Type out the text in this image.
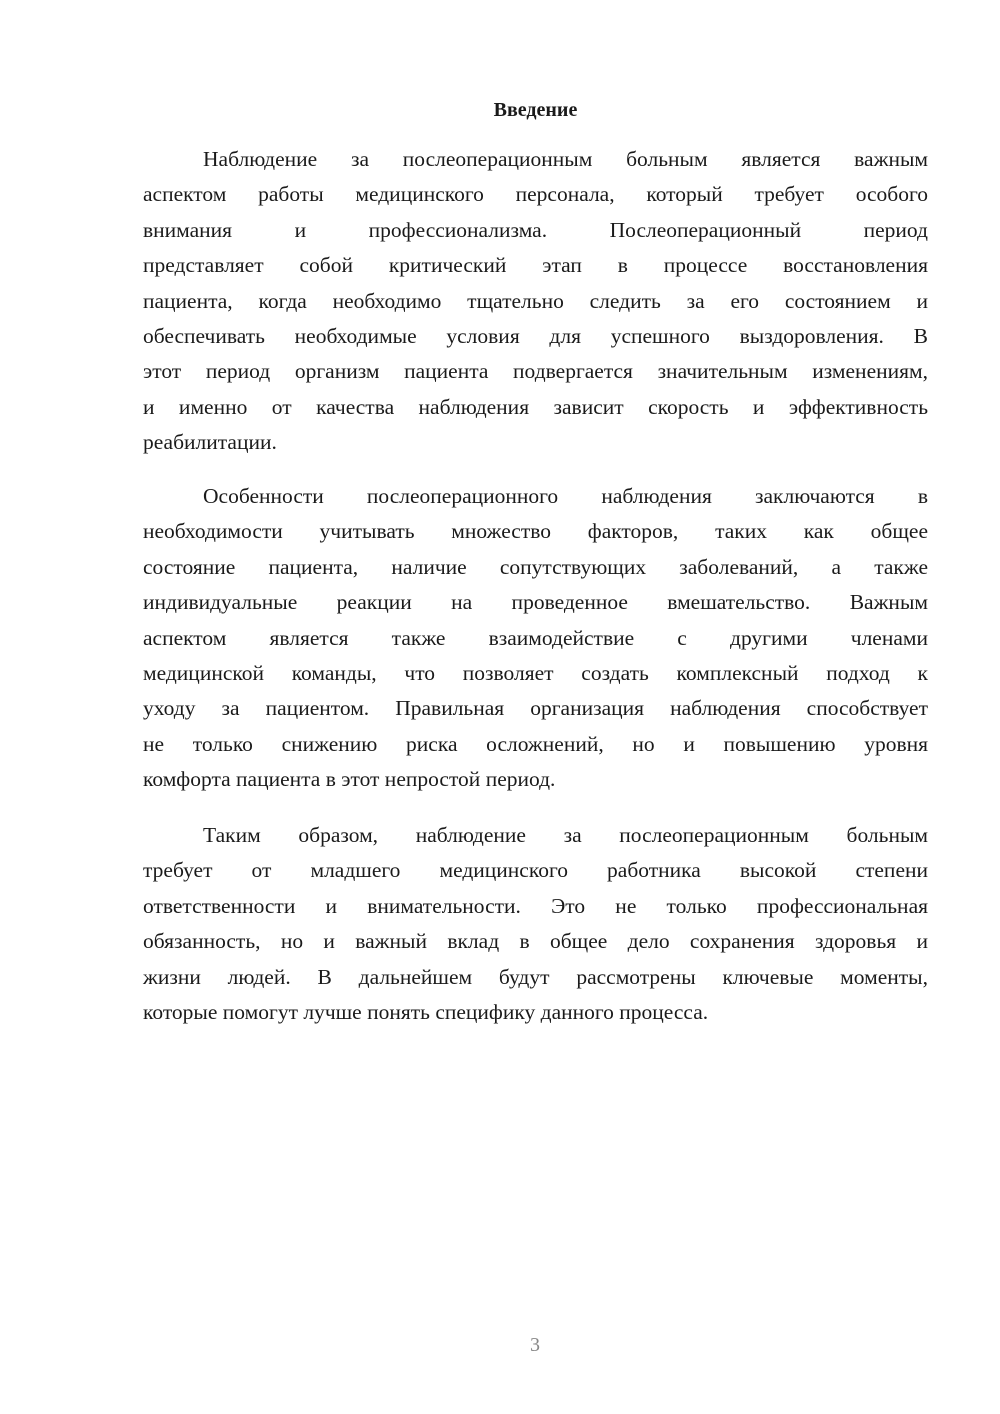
Введение
Наблюдение за послеоперационным больным является важным
аспектом работы медицинского персонала, который требует особого
внимания и профессионализма. Послеоперационный период
представляет собой критический этап в процессе восстановления
пациента, когда необходимо тщательно следить за его состоянием и
обеспечивать необходимые условия для успешного выздоровления. В
этот период организм пациента подвергается значительным изменениям,
и именно от качества наблюдения зависит скорость и эффективность
реабилитации.
Особенности послеоперационного наблюдения заключаются в
необходимости учитывать множество факторов, таких как общее
состояние пациента, наличие сопутствующих заболеваний, а также
индивидуальные реакции на проведенное вмешательство. Важным
аспектом является также взаимодействие с другими членами
медицинской команды, что позволяет создать комплексный подход к
уходу за пациентом. Правильная организация наблюдения способствует
не только снижению риска осложнений, но и повышению уровня
комфорта пациента в этот непростой период.
Таким образом, наблюдение за послеоперационным больным
требует от младшего медицинского работника высокой степени
ответственности и внимательности. Это не только профессиональная
обязанность, но и важный вклад в общее дело сохранения здоровья и
жизни людей. В дальнейшем будут рассмотрены ключевые моменты,
которые помогут лучше понять специфику данного процесса.
3
